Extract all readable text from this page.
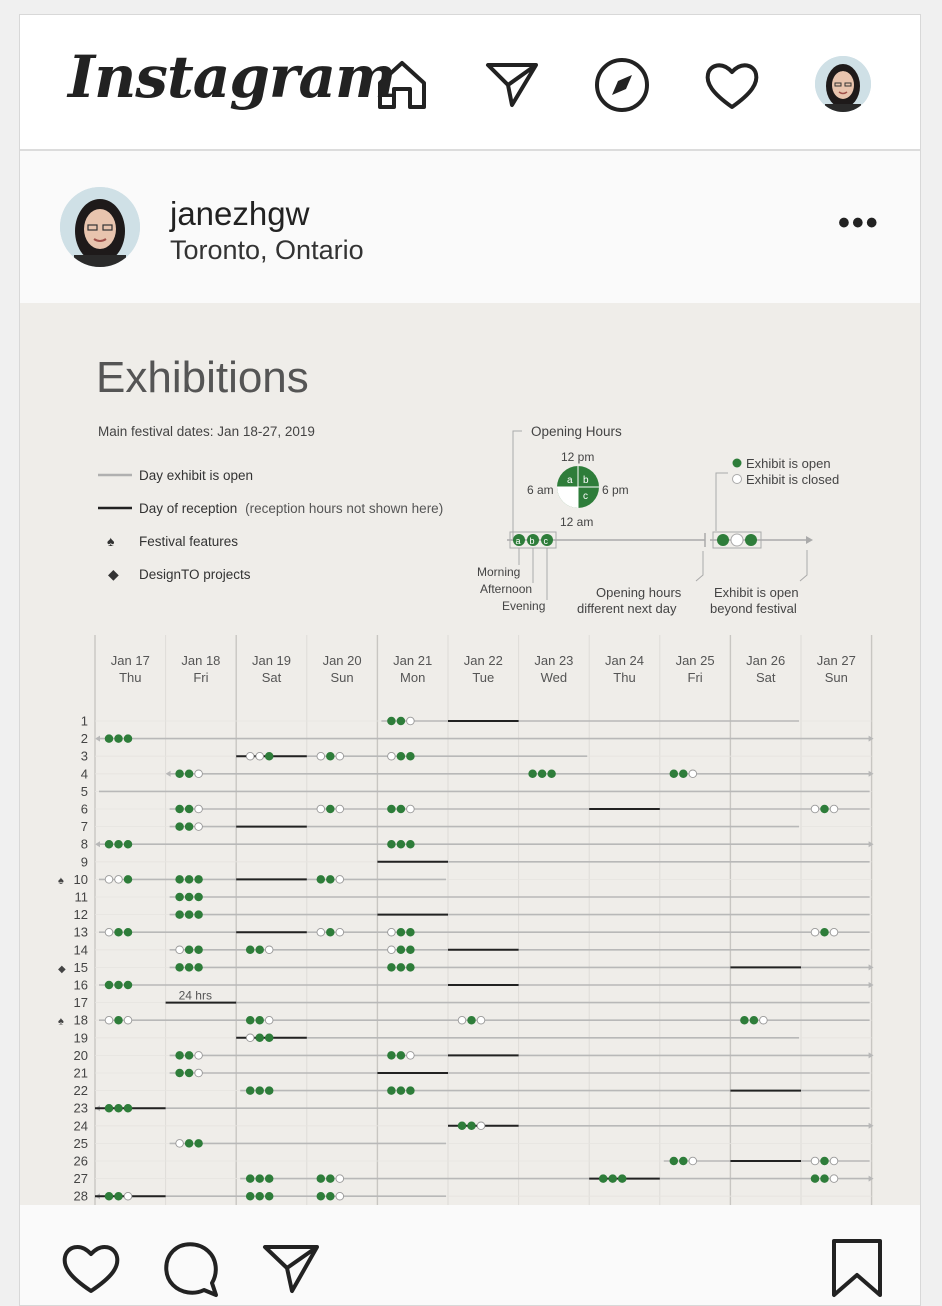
Instagram
janezhgw
Toronto, Ontario
•••
Exhibitions
Main festival dates: Jan 18-27, 2019
Day exhibit is open
Day of reception (reception hours not shown here)
♠ Festival features
◆ DesignTO projects
Opening Hours
12 pm
6 am	6 pm
12 am
a b
c
a b c
Morning
Afternoon
Evening
Opening hours
different next day
Exhibit is open
Exhibit is closed
Exhibit is open
beyond festival
Jan 17
Thu
Jan 18
Fri
Jan 19
Sat
Jan 20
Sun
Jan 21
Mon
Jan 22
Tue
Jan 23
Wed
Jan 24
Thu
Jan 25
Fri
Jan 26
Sat
Jan 27
Sun
1
2
3
4
5
6
7
8
9
10
♠
11
12
13
14
15
◆
16
17
18
♠
19
20
21
22
23
24
25
26
27
28
24 hrs
